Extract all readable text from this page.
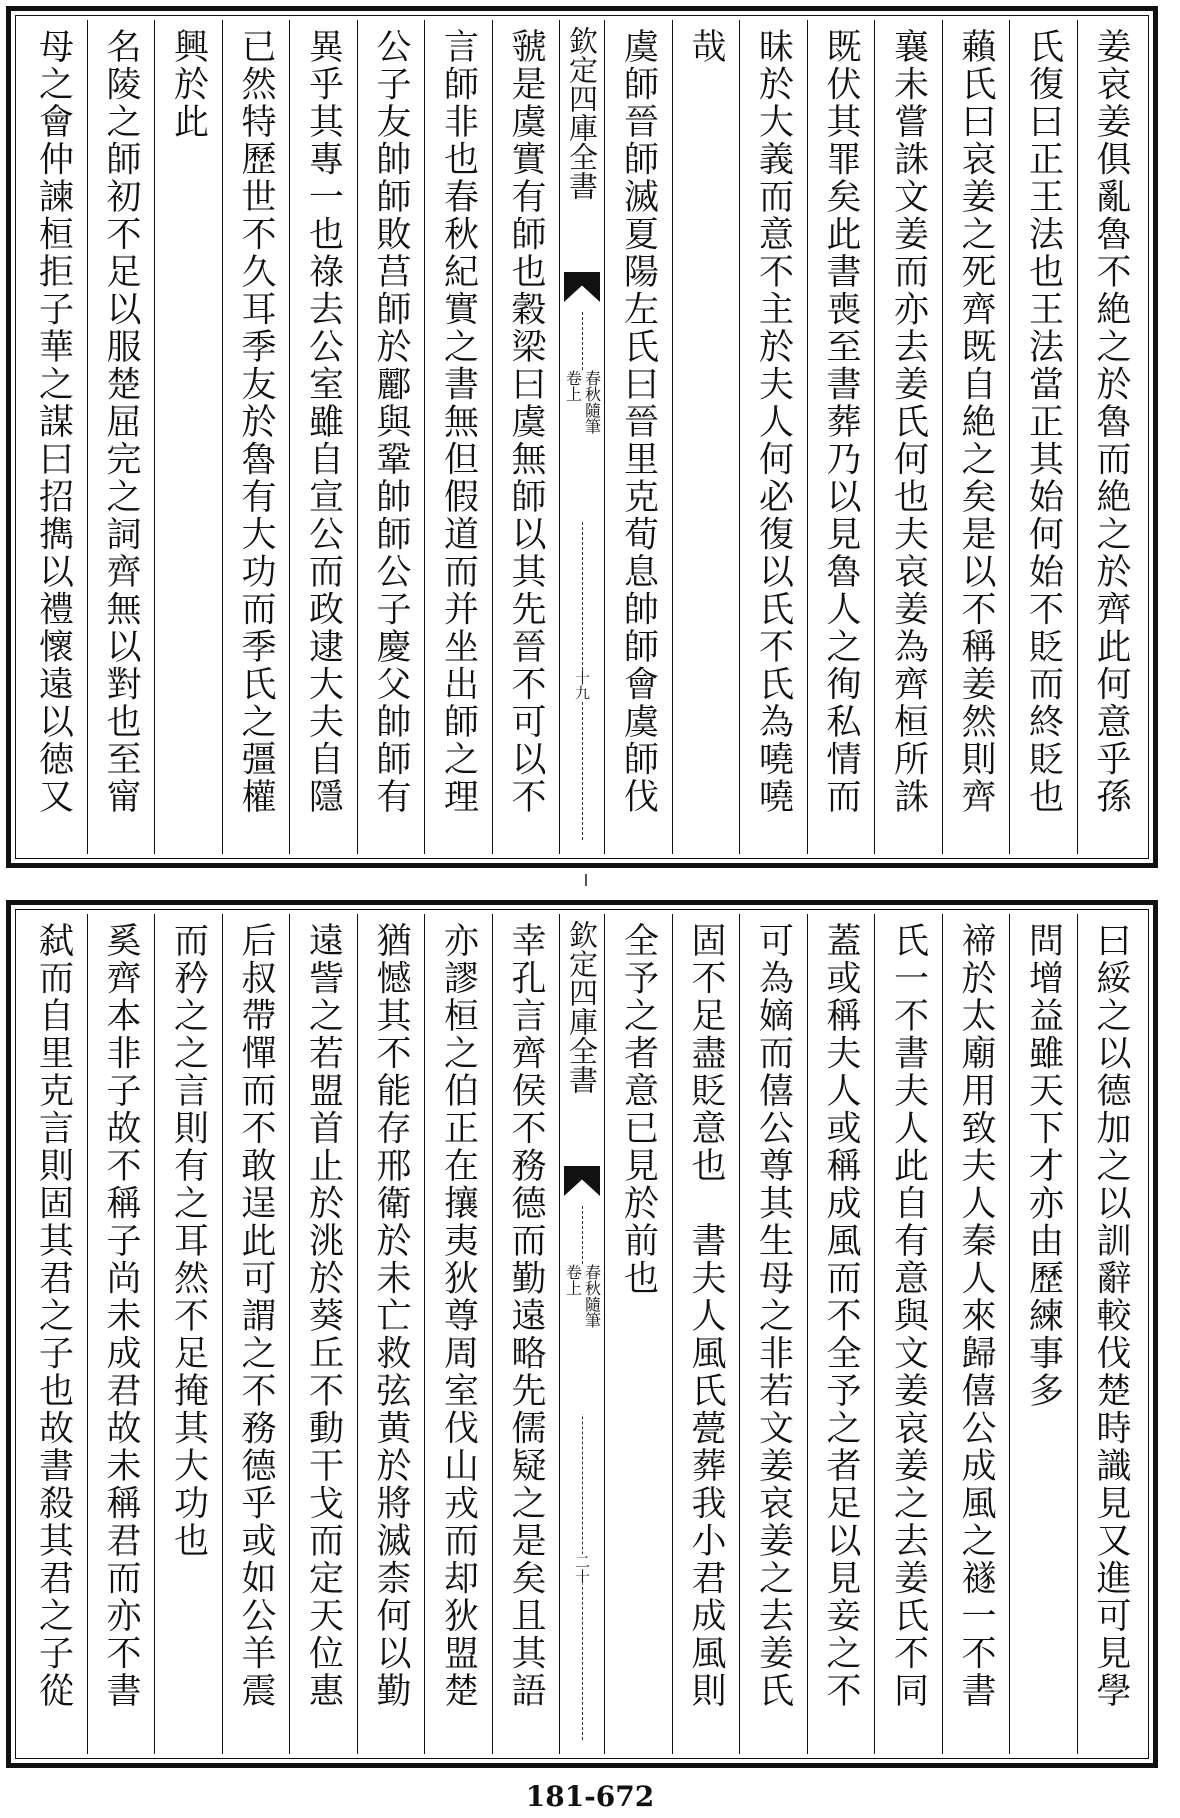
姜哀姜俱亂魯不絶之於魯而絶之於齊此何意乎孫
氏復曰正王法也王法當正其始何始不貶而終貶也
藾氏曰哀姜之死齊既自絶之矣是以不稱姜然則齊
襄未嘗誅文姜而亦去姜氏何也夫哀姜為齊桓所誅
既伏其罪矣此書喪至書葬乃以見魯人之徇私情而
昧於大義而意不主於夫人何必復以氏不氏為嘵嘵
哉
虞師晉師滅夏陽左氏曰晉里克荀息帥師會虞師伐
欽定四庫全書
春秋隨筆
卷上
十九
虢是虞實有師也穀梁曰虞無師以其先晉不可以不
言師非也春秋紀實之書無但假道而并坐出師之理
公子友帥師敗莒師於酈與鞏帥師公子慶父帥師有
異乎其專一也祿去公室雖自宣公而政逮大夫自隱
已然特歷世不久耳季友於魯有大功而季氏之彊權
興於此
名陵之師初不足以服楚屈完之詞齊無以對也至甯
母之會仲諫桓拒子華之謀曰招擕以禮懷遠以徳又
曰綏之以德加之以訓辭較伐楚時識見又進可見學
問增益雖天下才亦由歷練事多
禘於太廟用致夫人秦人來歸僖公成風之禭一不書
氏一不書夫人此自有意與文姜哀姜之去姜氏不同
蓋或稱夫人或稱成風而不全予之者足以見妾之不
可為嫡而僖公尊其生母之非若文姜哀姜之去姜氏
固不足盡貶意也　書夫人風氏甍葬我小君成風則
全予之者意已見於前也
欽定四庫全書
春秋隨筆
卷上
二十
幸孔言齊侯不務德而勤遠略先儒疑之是矣且其語
亦謬桓之伯正在攘夷狄尊周室伐山戎而却狄盟楚
猶憾其不能存邢衛於未亡救弦黄於將滅柰何以勤
遠訾之若盟首止於洮於葵丘不動干戈而定天位惠
后叔帶憚而不敢逞此可謂之不務德乎或如公羊震
而矜之之言則有之耳然不足掩其大功也
奚齊本非子故不稱子尚未成君故未稱君而亦不書
弑而自里克言則固其君之子也故書殺其君之子從
181-672
